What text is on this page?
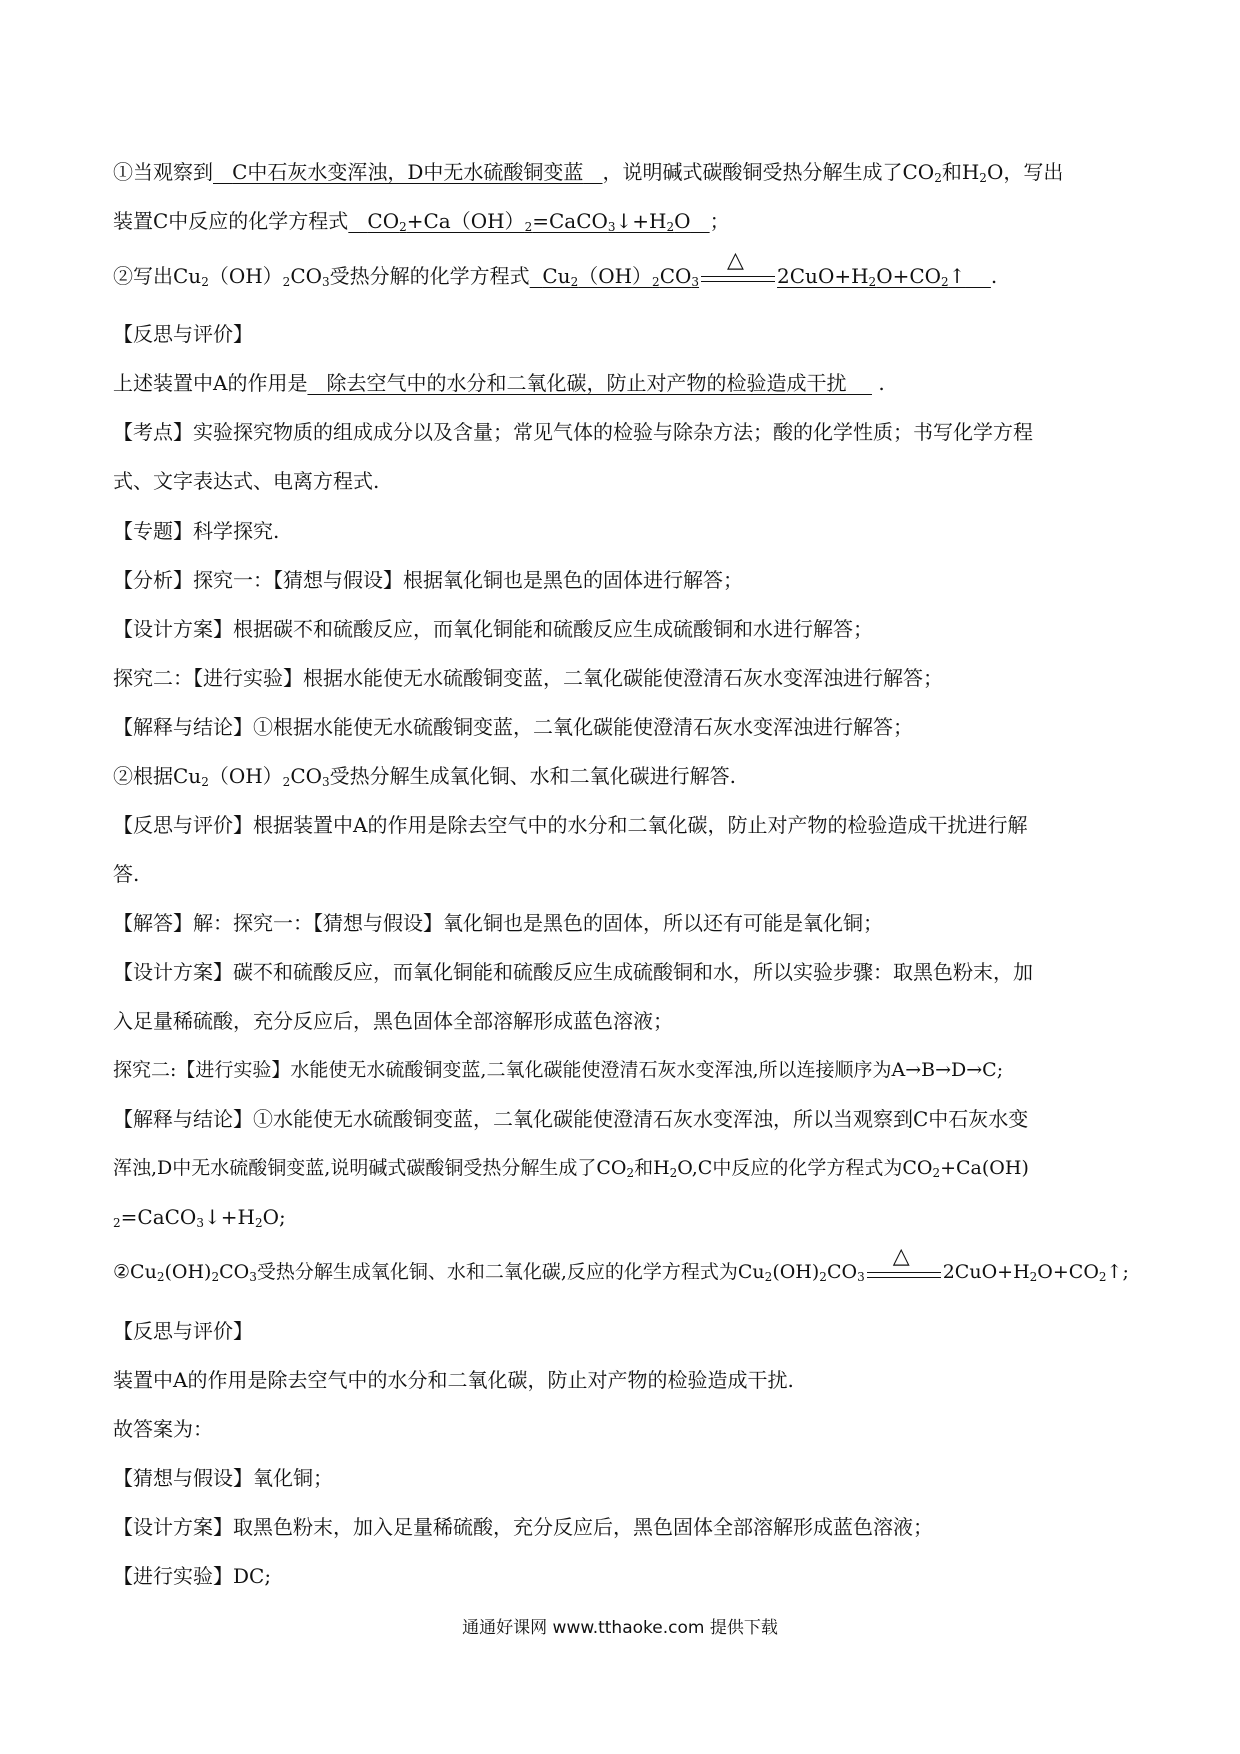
①当观察到 C中石灰水变浑浊，D中无水硫酸铜变蓝 ，说明碱式碳酸铜受热分解生成了$CO_2$和$H_2O$，写出
装置C中反应的化学方程式 $CO_2+Ca(OH)_2=CaCO_3↓+H_2O$ ；
②写出$Cu_2(OH)_2CO_3$受热分解的化学方程式 $Cu_2(OH)_2CO_3$
△
$2CuO+H_2O+CO_2↑$ .
【反思与评价】
上述装置中A的作用是 除去空气中的水分和二氧化碳，防止对产物的检验造成干扰 .
【考点】实验探究物质的组成成分以及含量；常见气体的检验与除杂方法；酸的化学性质；书写化学方程
式、文字表达式、电离方程式.
【专题】科学探究.
【分析】探究一：【猜想与假设】根据氧化铜也是黑色的固体进行解答；
【设计方案】根据碳不和硫酸反应，而氧化铜能和硫酸反应生成硫酸铜和水进行解答；
探究二：【进行实验】根据水能使无水硫酸铜变蓝，二氧化碳能使澄清石灰水变浑浊进行解答；
【解释与结论】①根据水能使无水硫酸铜变蓝，二氧化碳能使澄清石灰水变浑浊进行解答；
②根据$Cu_2(OH)_2CO_3$受热分解生成氧化铜、水和二氧化碳进行解答.
【反思与评价】根据装置中A的作用是除去空气中的水分和二氧化碳，防止对产物的检验造成干扰进行解
答.
【解答】解：探究一：【猜想与假设】氧化铜也是黑色的固体，所以还有可能是氧化铜；
【设计方案】碳不和硫酸反应，而氧化铜能和硫酸反应生成硫酸铜和水，所以实验步骤：取黑色粉末，加
入足量稀硫酸，充分反应后，黑色固体全部溶解形成蓝色溶液；
探究二:【进行实验】水能使无水硫酸铜变蓝,二氧化碳能使澄清石灰水变浑浊,所以连接顺序为A→B→D→C;
【解释与结论】①水能使无水硫酸铜变蓝，二氧化碳能使澄清石灰水变浑浊，所以当观察到C中石灰水变
浑浊,D中无水硫酸铜变蓝,说明碱式碳酸铜受热分解生成了$CO_2$和$H_2O,C$中反应的化学方程式为$CO_2+Ca(OH)$
$_2=CaCO_3↓+H_2O$;
$②Cu_2(OH)_2CO_3$受热分解生成氧化铜、水和二氧化碳,反应的化学方程式为$Cu_2(OH)_2CO_3$
△
$2CuO+H_2O+CO_2↑$;
【反思与评价】
装置中A的作用是除去空气中的水分和二氧化碳，防止对产物的检验造成干扰.
故答案为：
【猜想与假设】氧化铜；
【设计方案】取黑色粉末，加入足量稀硫酸，充分反应后，黑色固体全部溶解形成蓝色溶液；
【进行实验】DC;
通通好课网 www.tthaoke.com 提供下载
